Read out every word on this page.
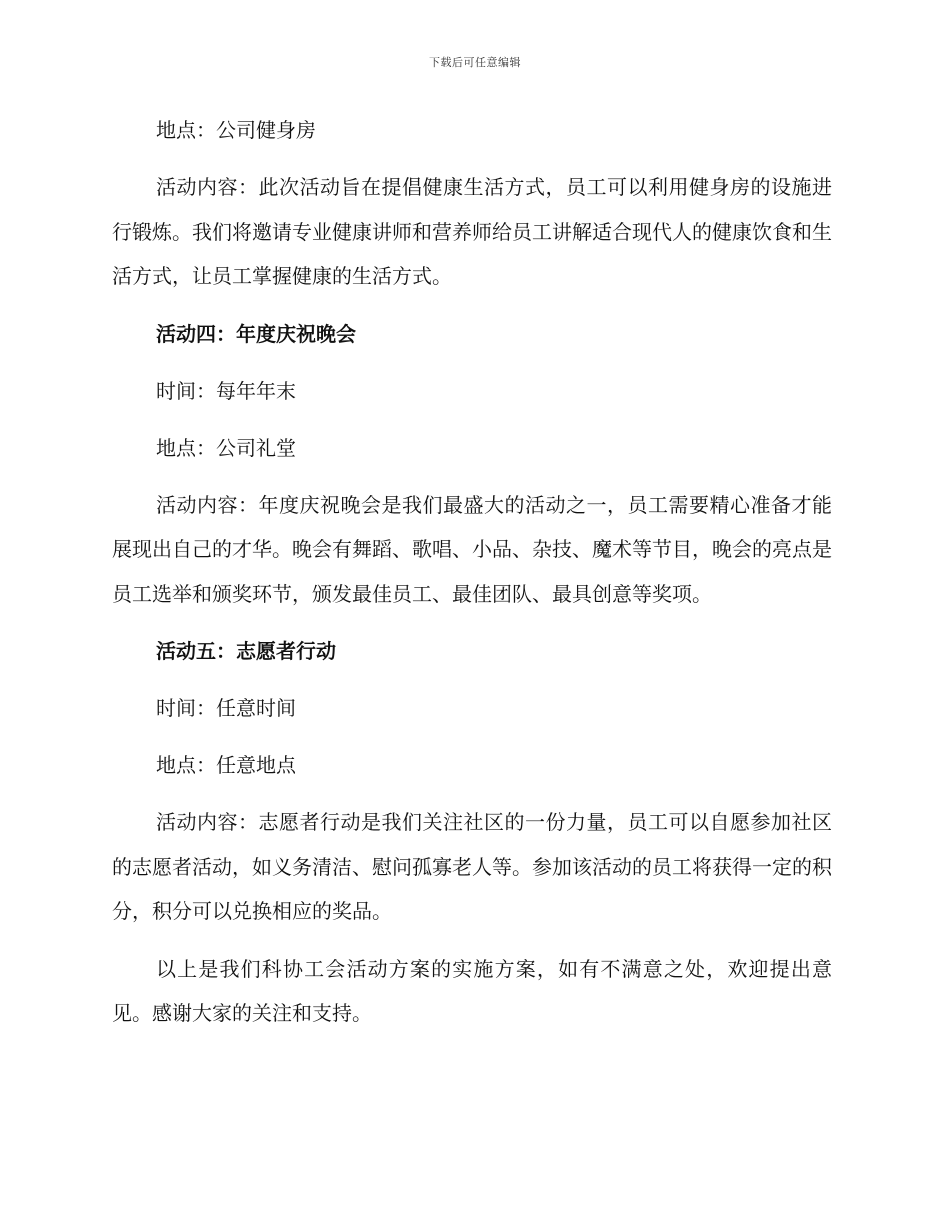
下载后可任意编辑

地点：公司健身房

活动内容：此次活动旨在提倡健康生活方式，员工可以利用健身房的设施进行锻炼。我们将邀请专业健康讲师和营养师给员工讲解适合现代人的健康饮食和生活方式，让员工掌握健康的生活方式。

活动四：年度庆祝晚会

时间：每年年末

地点：公司礼堂

活动内容：年度庆祝晚会是我们最盛大的活动之一，员工需要精心准备才能展现出自己的才华。晚会有舞蹈、歌唱、小品、杂技、魔术等节目，晚会的亮点是员工选举和颁奖环节，颁发最佳员工、最佳团队、最具创意等奖项。

活动五：志愿者行动

时间：任意时间

地点：任意地点

活动内容：志愿者行动是我们关注社区的一份力量，员工可以自愿参加社区的志愿者活动，如义务清洁、慰问孤寡老人等。参加该活动的员工将获得一定的积分，积分可以兑换相应的奖品。

以上是我们科协工会活动方案的实施方案，如有不满意之处，欢迎提出意见。感谢大家的关注和支持。
